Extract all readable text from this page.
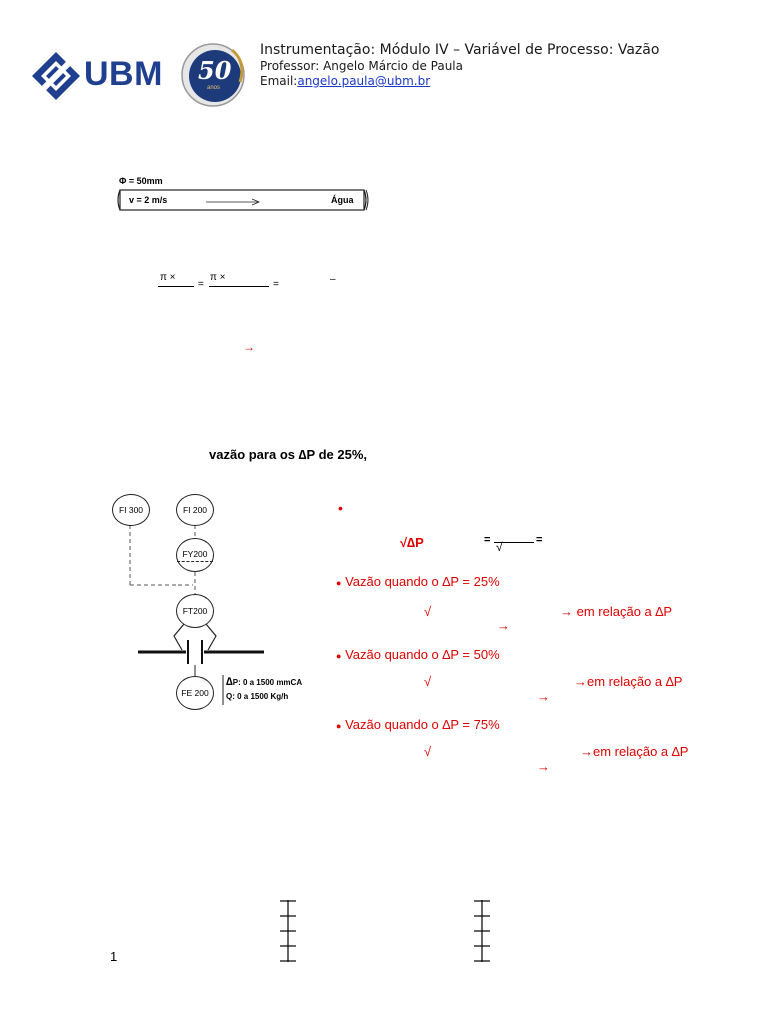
UBM 50
anos
Instrumentação: Módulo IV – Variável de Processo: Vazão
Professor: Angelo Márcio de Paula
Email:angelo.paula@ubm.br
Φ = 50mm
v = 2 m/s	Água
π ×
=
π ×
=	–
→
vazão para os ∆P de 25%,
FI 300	FI 200
FY200
FT200
FE 200
∆P: 0 a 1500 mmCA
Q: 0 a 1500 Kg/h
•
√∆P	= √	=
● Vazão quando o ∆P = 25%
√	→ em relação a ∆P
→
● Vazão quando o ∆P = 50%
√	→em relação a ∆P
→
● Vazão quando o ∆P = 75%
√	→em relação a ∆P
→
1
